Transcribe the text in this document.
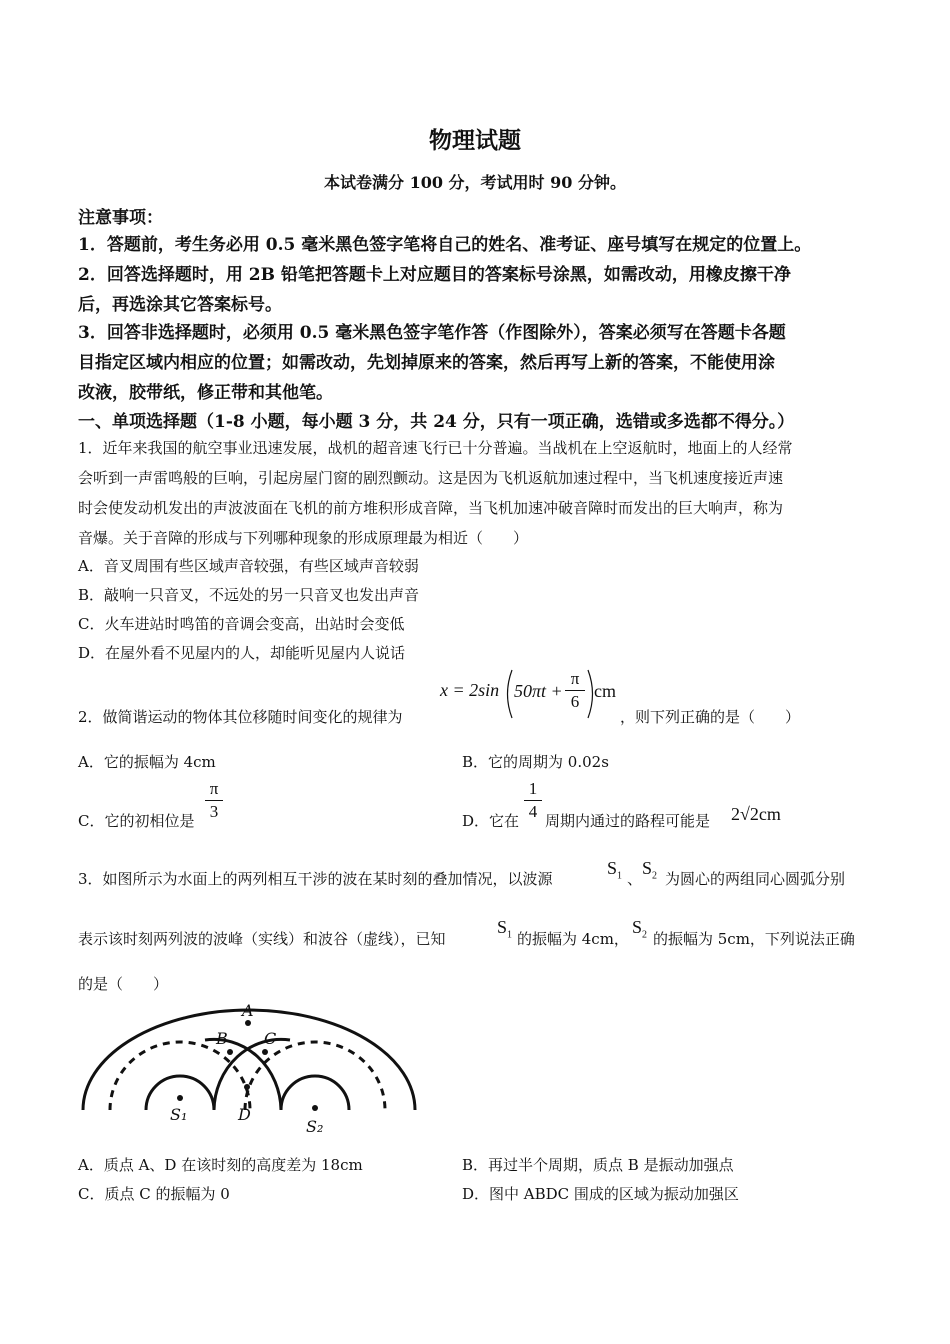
物理试题
本试卷满分 100 分，考试用时 90 分钟。
注意事项：
1．答题前，考生务必用 0.5 毫米黑色签字笔将自己的姓名、准考证、座号填写在规定的位置上。
2．回答选择题时，用 2B 铅笔把答题卡上对应题目的答案标号涂黑，如需改动，用橡皮擦干净
后，再选涂其它答案标号。
3．回答非选择题时，必须用 0.5 毫米黑色签字笔作答（作图除外），答案必须写在答题卡各题
目指定区域内相应的位置；如需改动，先划掉原来的答案，然后再写上新的答案，不能使用涂
改液，胶带纸，修正带和其他笔。
一、单项选择题（1-8 小题，每小题 3 分，共 24 分，只有一项正确，选错或多选都不得分。）
1．近年来我国的航空事业迅速发展，战机的超音速飞行已十分普遍。当战机在上空返航时，地面上的人经常
会听到一声雷鸣般的巨响，引起房屋门窗的剧烈颤动。这是因为飞机返航加速过程中，当飞机速度接近声速
时会使发动机发出的声波波面在飞机的前方堆积形成音障，当飞机加速冲破音障时而发出的巨大响声，称为
音爆。关于音障的形成与下列哪种现象的形成原理最为相近（　　）
A．音叉周围有些区域声音较强，有些区域声音较弱
B．敲响一只音叉，不远处的另一只音叉也发出声音
C．火车进站时鸣笛的音调会变高，出站时会变低
D．在屋外看不见屋内的人，却能听见屋内人说话
2．做简谐运动的物体其位移随时间变化的规律为
x = 2sin $50\pi t + \frac{\pi}{6}$ cm
，则下列正确的是（　　）
A．它的振幅为 4cm	B．它的周期为 0.02s
C．它的初相位是 $\frac{\pi}{3}$	D．它在 $\frac{1}{4}$ 周期内通过的路程可能是 2√2cm
3．如图所示为水面上的两列相互干涉的波在某时刻的叠加情况，以波源
$S_1$ 、
$S_2$ 为圆心的两组同心圆弧分别
表示该时刻两列波的波峰（实线）和波谷（虚线），已知
$S_1$ 的振幅为 4cm，
$S_2$ 的振幅为 5cm，下列说法正确
的是（　　）
A
B C
D
S₁
S₂
A．质点 A、D 在该时刻的高度差为 18cm	B．再过半个周期，质点 B 是振动加强点
C．质点 C 的振幅为 0	D．图中 ABDC 围成的区域为振动加强区
